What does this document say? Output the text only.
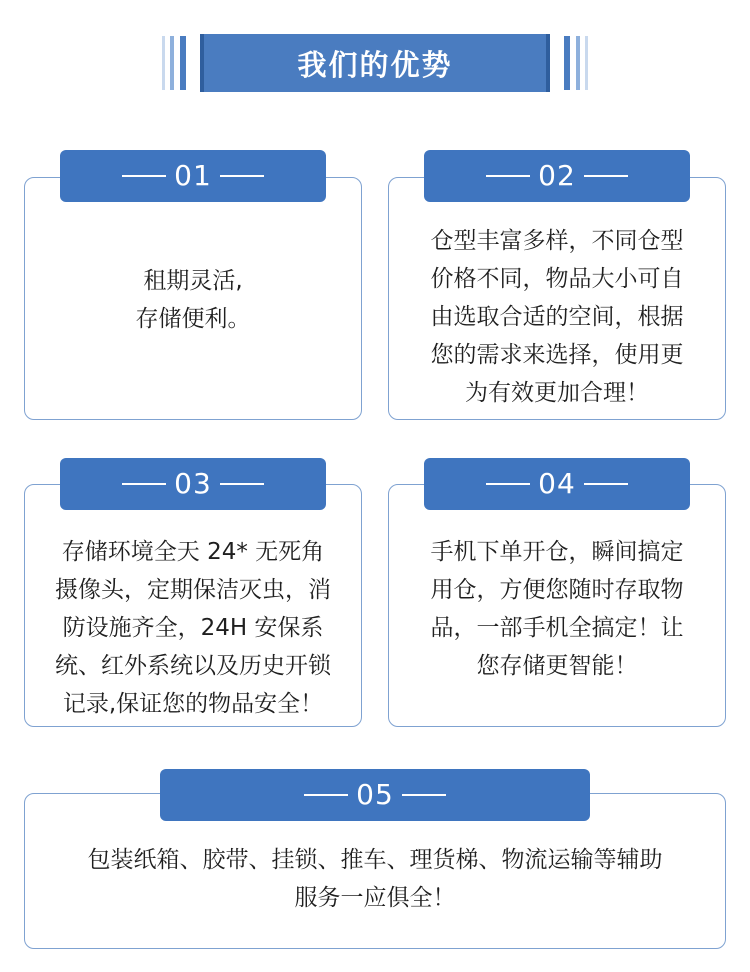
我们的优势
租期灵活,
存储便利。
01
仓型丰富多样，不同仓型
价格不同，物品大小可自
由选取合适的空间，根据
您的需求来选择，使用更
为有效更加合理！
02
存储环境全天 24* 无死角
摄像头，定期保洁灭虫，消
防设施齐全，24H 安保系
统、红外系统以及历史开锁
记录,保证您的物品安全！
03
手机下单开仓，瞬间搞定
用仓，方便您随时存取物
品，一部手机全搞定！让
您存储更智能！
04
包装纸箱、胶带、挂锁、推车、理货梯、物流运输等辅助
服务一应俱全！
05
